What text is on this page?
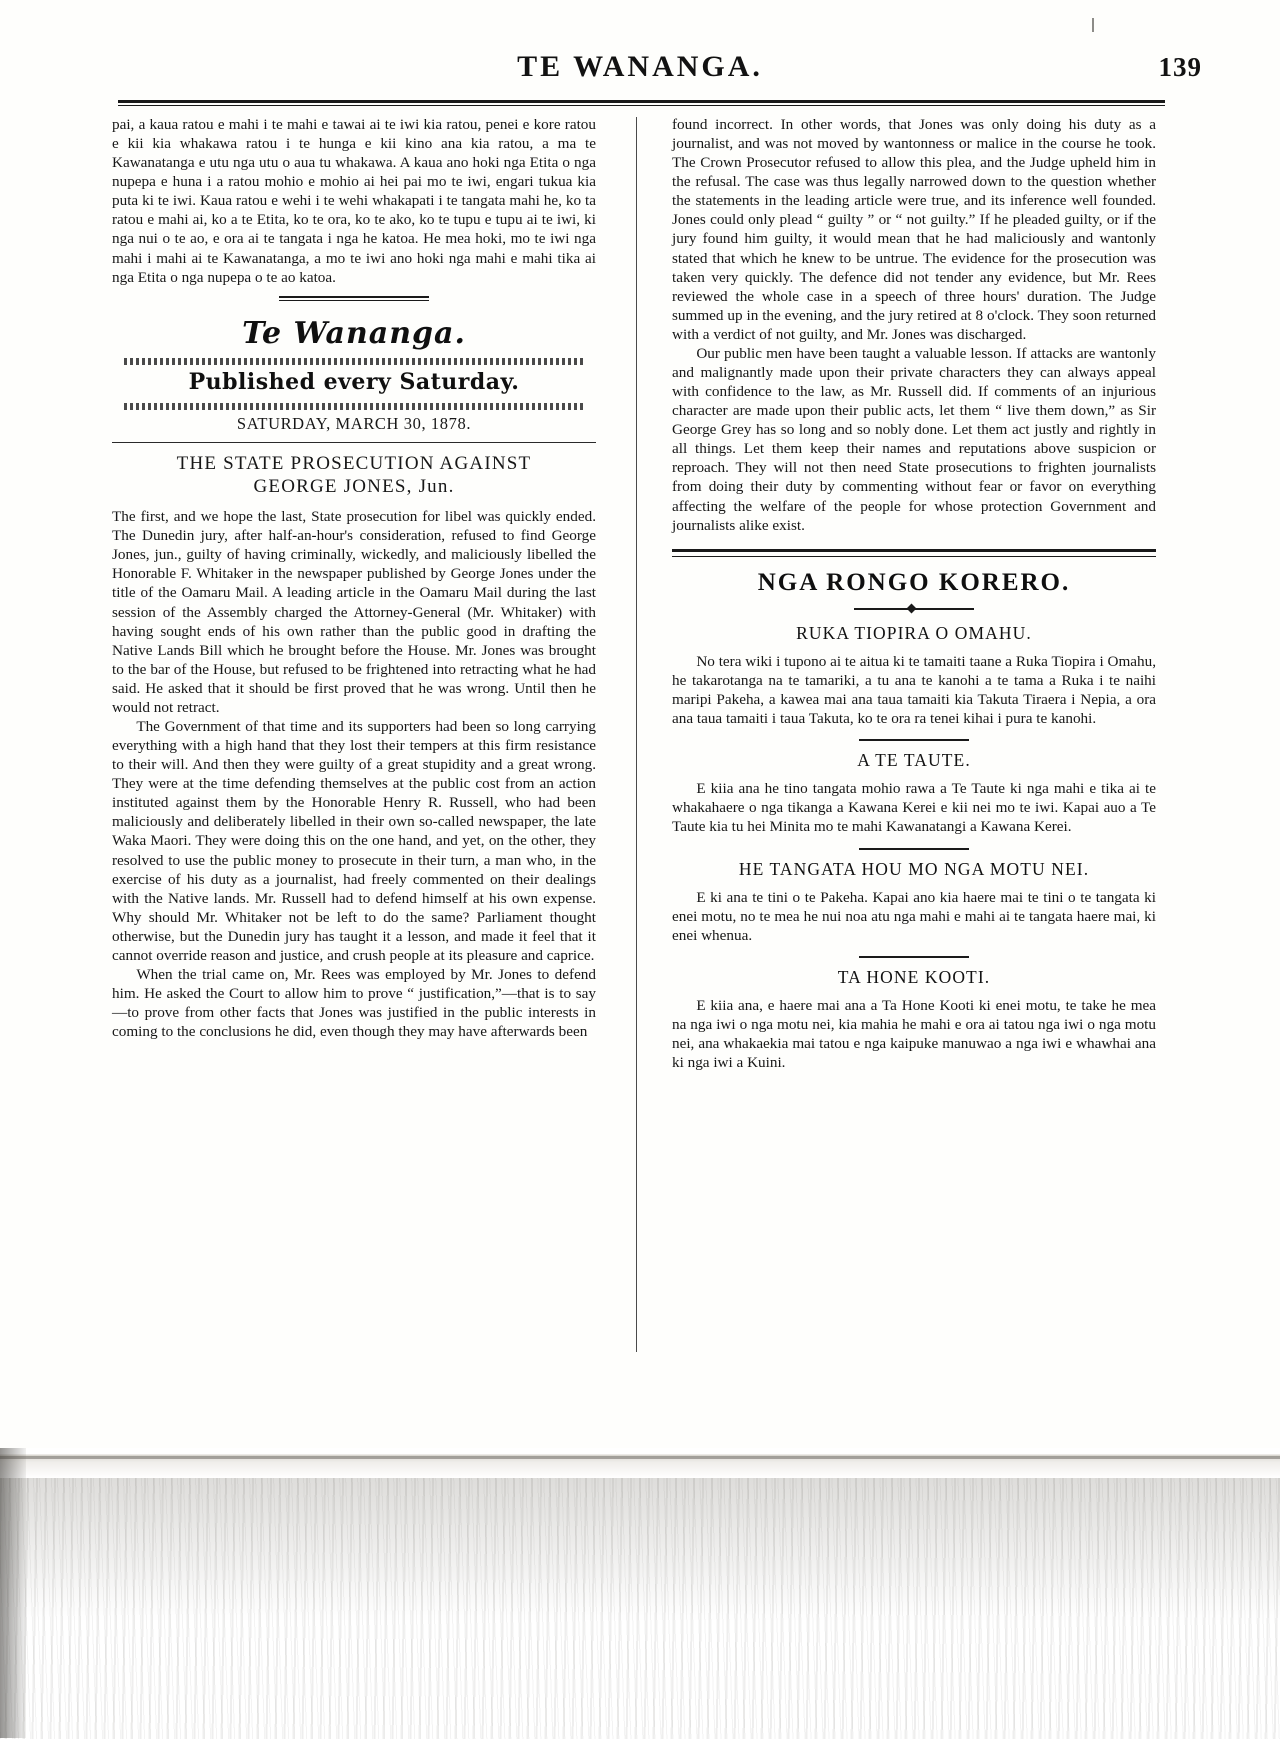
TE WANANGA.	139

pai, a kaua ratou e mahi i te mahi e tawai ai te iwi kia ratou, penei e kore ratou e kii kia whakawa ratou i te hunga e kii kino ana kia ratou, a ma te Kawanatanga e utu nga utu o aua tu whakawa. A kaua ano hoki nga Etita o nga nupepa e huna i a ratou mohio e mohio ai hei pai mo te iwi, engari tukua kia puta ki te iwi. Kaua ratou e wehi i te wehi whakapati i te tangata mahi he, ko ta ratou e mahi ai, ko a te Etita, ko te ora, ko te ako, ko te tupu e tupu ai te iwi, ki nga nui o te ao, e ora ai te tangata i nga he katoa. He mea hoki, mo te iwi nga mahi i mahi ai te Kawanatanga, a mo te iwi ano hoki nga mahi e mahi tika ai nga Etita o nga nupepa o te ao katoa.

Te Wananga.
Published every Saturday.
SATURDAY, MARCH 30, 1878.
THE STATE PROSECUTION AGAINST
GEORGE JONES, Jun.

The first, and we hope the last, State prosecution for libel was quickly ended. The Dunedin jury, after half-an-hour's consideration, refused to find George Jones, jun., guilty of having criminally, wickedly, and maliciously libelled the Honorable F. Whitaker in the newspaper published by George Jones under the title of the Oamaru Mail. A leading article in the Oamaru Mail during the last session of the Assembly charged the Attorney-General (Mr. Whitaker) with having sought ends of his own rather than the public good in drafting the Native Lands Bill which he brought before the House. Mr. Jones was brought to the bar of the House, but refused to be frightened into retracting what he had said. He asked that it should be first proved that he was wrong. Until then he would not retract.

The Government of that time and its supporters had been so long carrying everything with a high hand that they lost their tempers at this firm resistance to their will. And then they were guilty of a great stupidity and a great wrong. They were at the time defending themselves at the public cost from an action instituted against them by the Honorable Henry R. Russell, who had been maliciously and deliberately libelled in their own so-called newspaper, the late Waka Maori. They were doing this on the one hand, and yet, on the other, they resolved to use the public money to prosecute in their turn, a man who, in the exercise of his duty as a journalist, had freely commented on their dealings with the Native lands. Mr. Russell had to defend himself at his own expense. Why should Mr. Whitaker not be left to do the same? Parliament thought otherwise, but the Dunedin jury has taught it a lesson, and made it feel that it cannot override reason and justice, and crush people at its pleasure and caprice.

When the trial came on, Mr. Rees was employed by Mr. Jones to defend him. He asked the Court to allow him to prove “ justification,”—that is to say—to prove from other facts that Jones was justified in the public interests in coming to the conclusions he did, even though they may have afterwards been

found incorrect. In other words, that Jones was only doing his duty as a journalist, and was not moved by wantonness or malice in the course he took. The Crown Prosecutor refused to allow this plea, and the Judge upheld him in the refusal. The case was thus legally narrowed down to the question whether the statements in the leading article were true, and its inference well founded. Jones could only plead “ guilty ” or “ not guilty.” If he pleaded guilty, or if the jury found him guilty, it would mean that he had maliciously and wantonly stated that which he knew to be untrue. The evidence for the prosecution was taken very quickly. The defence did not tender any evidence, but Mr. Rees reviewed the whole case in a speech of three hours' duration. The Judge summed up in the evening, and the jury retired at 8 o'clock. They soon returned with a verdict of not guilty, and Mr. Jones was discharged.

Our public men have been taught a valuable lesson. If attacks are wantonly and malignantly made upon their private characters they can always appeal with confidence to the law, as Mr. Russell did. If comments of an injurious character are made upon their public acts, let them “ live them down,” as Sir George Grey has so long and so nobly done. Let them act justly and rightly in all things. Let them keep their names and reputations above suspicion or reproach. They will not then need State prosecutions to frighten journalists from doing their duty by commenting without fear or favor on everything affecting the welfare of the people for whose protection Government and journalists alike exist.

NGA RONGO KORERO.
RUKA TIOPIRA O OMAHU.

No tera wiki i tupono ai te aitua ki te tamaiti taane a Ruka Tiopira i Omahu, he takarotanga na te tamariki, a tu ana te kanohi a te tama a Ruka i te naihi maripi Pakeha, a kawea mai ana taua tamaiti kia Takuta Tiraera i Nepia, a ora ana taua tamaiti i taua Takuta, ko te ora ra tenei kihai i pura te kanohi.

A TE TAUTE.

E kiia ana he tino tangata mohio rawa a Te Taute ki nga mahi e tika ai te whakahaere o nga tikanga a Kawana Kerei e kii nei mo te iwi. Kapai auo a Te Taute kia tu hei Minita mo te mahi Kawanatangi a Kawana Kerei.

HE TANGATA HOU MO NGA MOTU NEI.

E ki ana te tini o te Pakeha. Kapai ano kia haere mai te tini o te tangata ki enei motu, no te mea he nui noa atu nga mahi e mahi ai te tangata haere mai, ki enei whenua.

TA HONE KOOTI.

E kiia ana, e haere mai ana a Ta Hone Kooti ki enei motu, te take he mea na nga iwi o nga motu nei, kia mahia he mahi e ora ai tatou nga iwi o nga motu nei, ana whakaekia mai tatou e nga kaipuke manuwao a nga iwi e whawhai ana ki nga iwi a Kuini.
